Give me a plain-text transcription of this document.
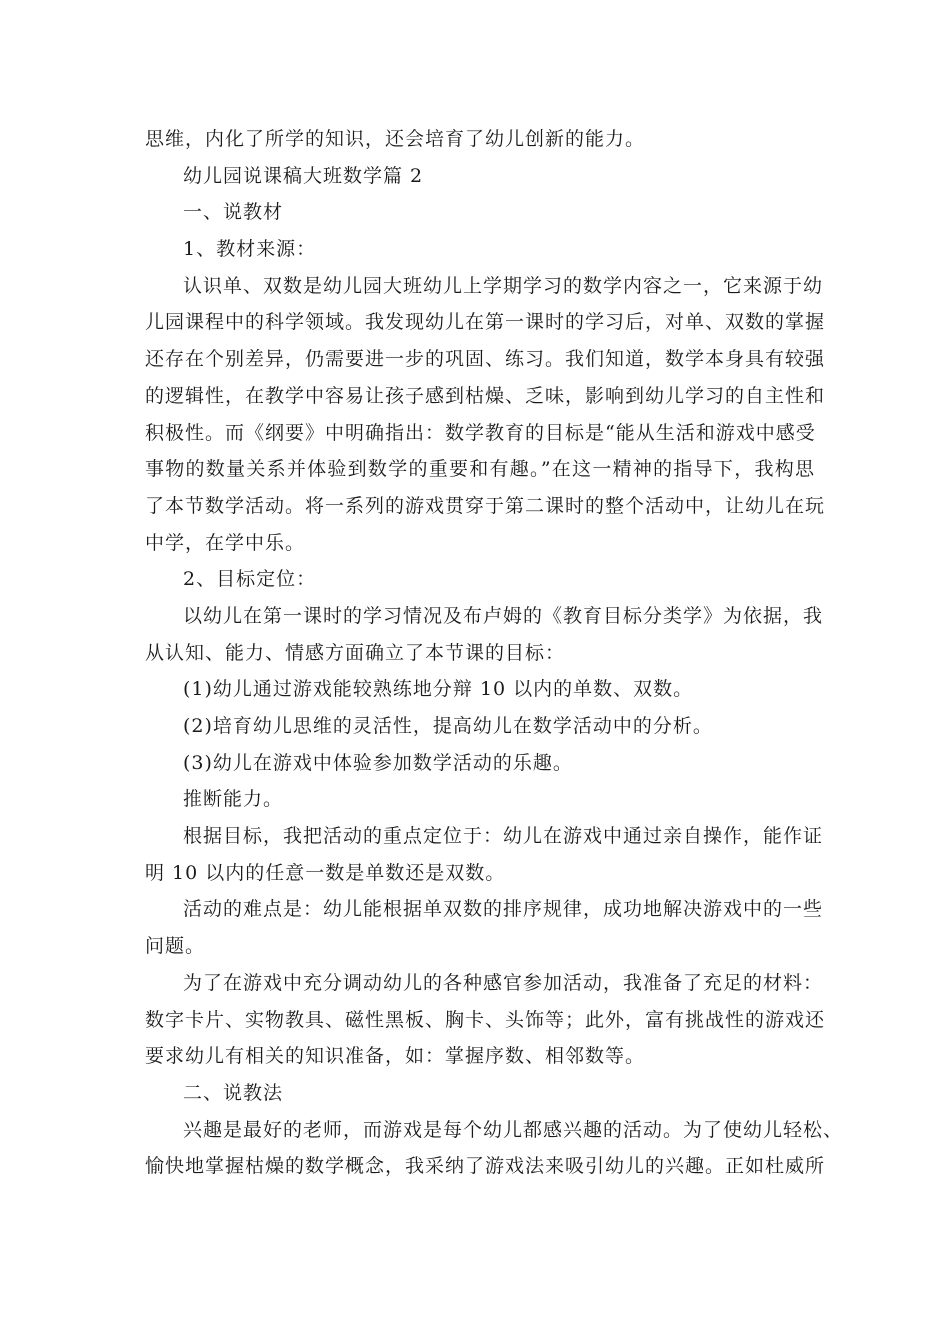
思维，内化了所学的知识，还会培育了幼儿创新的能力。
幼儿园说课稿大班数学篇 2
一、说教材
1、教材来源：
认识单、双数是幼儿园大班幼儿上学期学习的数学内容之一，它来源于幼
儿园课程中的科学领域。我发现幼儿在第一课时的学习后，对单、双数的掌握
还存在个别差异，仍需要进一步的巩固、练习。我们知道，数学本身具有较强
的逻辑性，在教学中容易让孩子感到枯燥、乏味，影响到幼儿学习的自主性和
积极性。而《纲要》中明确指出：数学教育的目标是“能从生活和游戏中感受
事物的数量关系并体验到数学的重要和有趣。”在这一精神的指导下，我构思
了本节数学活动。将一系列的游戏贯穿于第二课时的整个活动中，让幼儿在玩
中学，在学中乐。
2、目标定位：
以幼儿在第一课时的学习情况及布卢姆的《教育目标分类学》为依据，我
从认知、能力、情感方面确立了本节课的目标：
(1)幼儿通过游戏能较熟练地分辩 10 以内的单数、双数。
(2)培育幼儿思维的灵活性，提高幼儿在数学活动中的分析。
(3)幼儿在游戏中体验参加数学活动的乐趣。
推断能力。
根据目标，我把活动的重点定位于：幼儿在游戏中通过亲自操作，能作证
明 10 以内的任意一数是单数还是双数。
活动的难点是：幼儿能根据单双数的排序规律，成功地解决游戏中的一些
问题。
为了在游戏中充分调动幼儿的各种感官参加活动，我准备了充足的材料：
数字卡片、实物教具、磁性黑板、胸卡、头饰等；此外，富有挑战性的游戏还
要求幼儿有相关的知识准备，如：掌握序数、相邻数等。
二、说教法
兴趣是最好的老师，而游戏是每个幼儿都感兴趣的活动。为了使幼儿轻松、
愉快地掌握枯燥的数学概念，我采纳了游戏法来吸引幼儿的兴趣。正如杜威所
